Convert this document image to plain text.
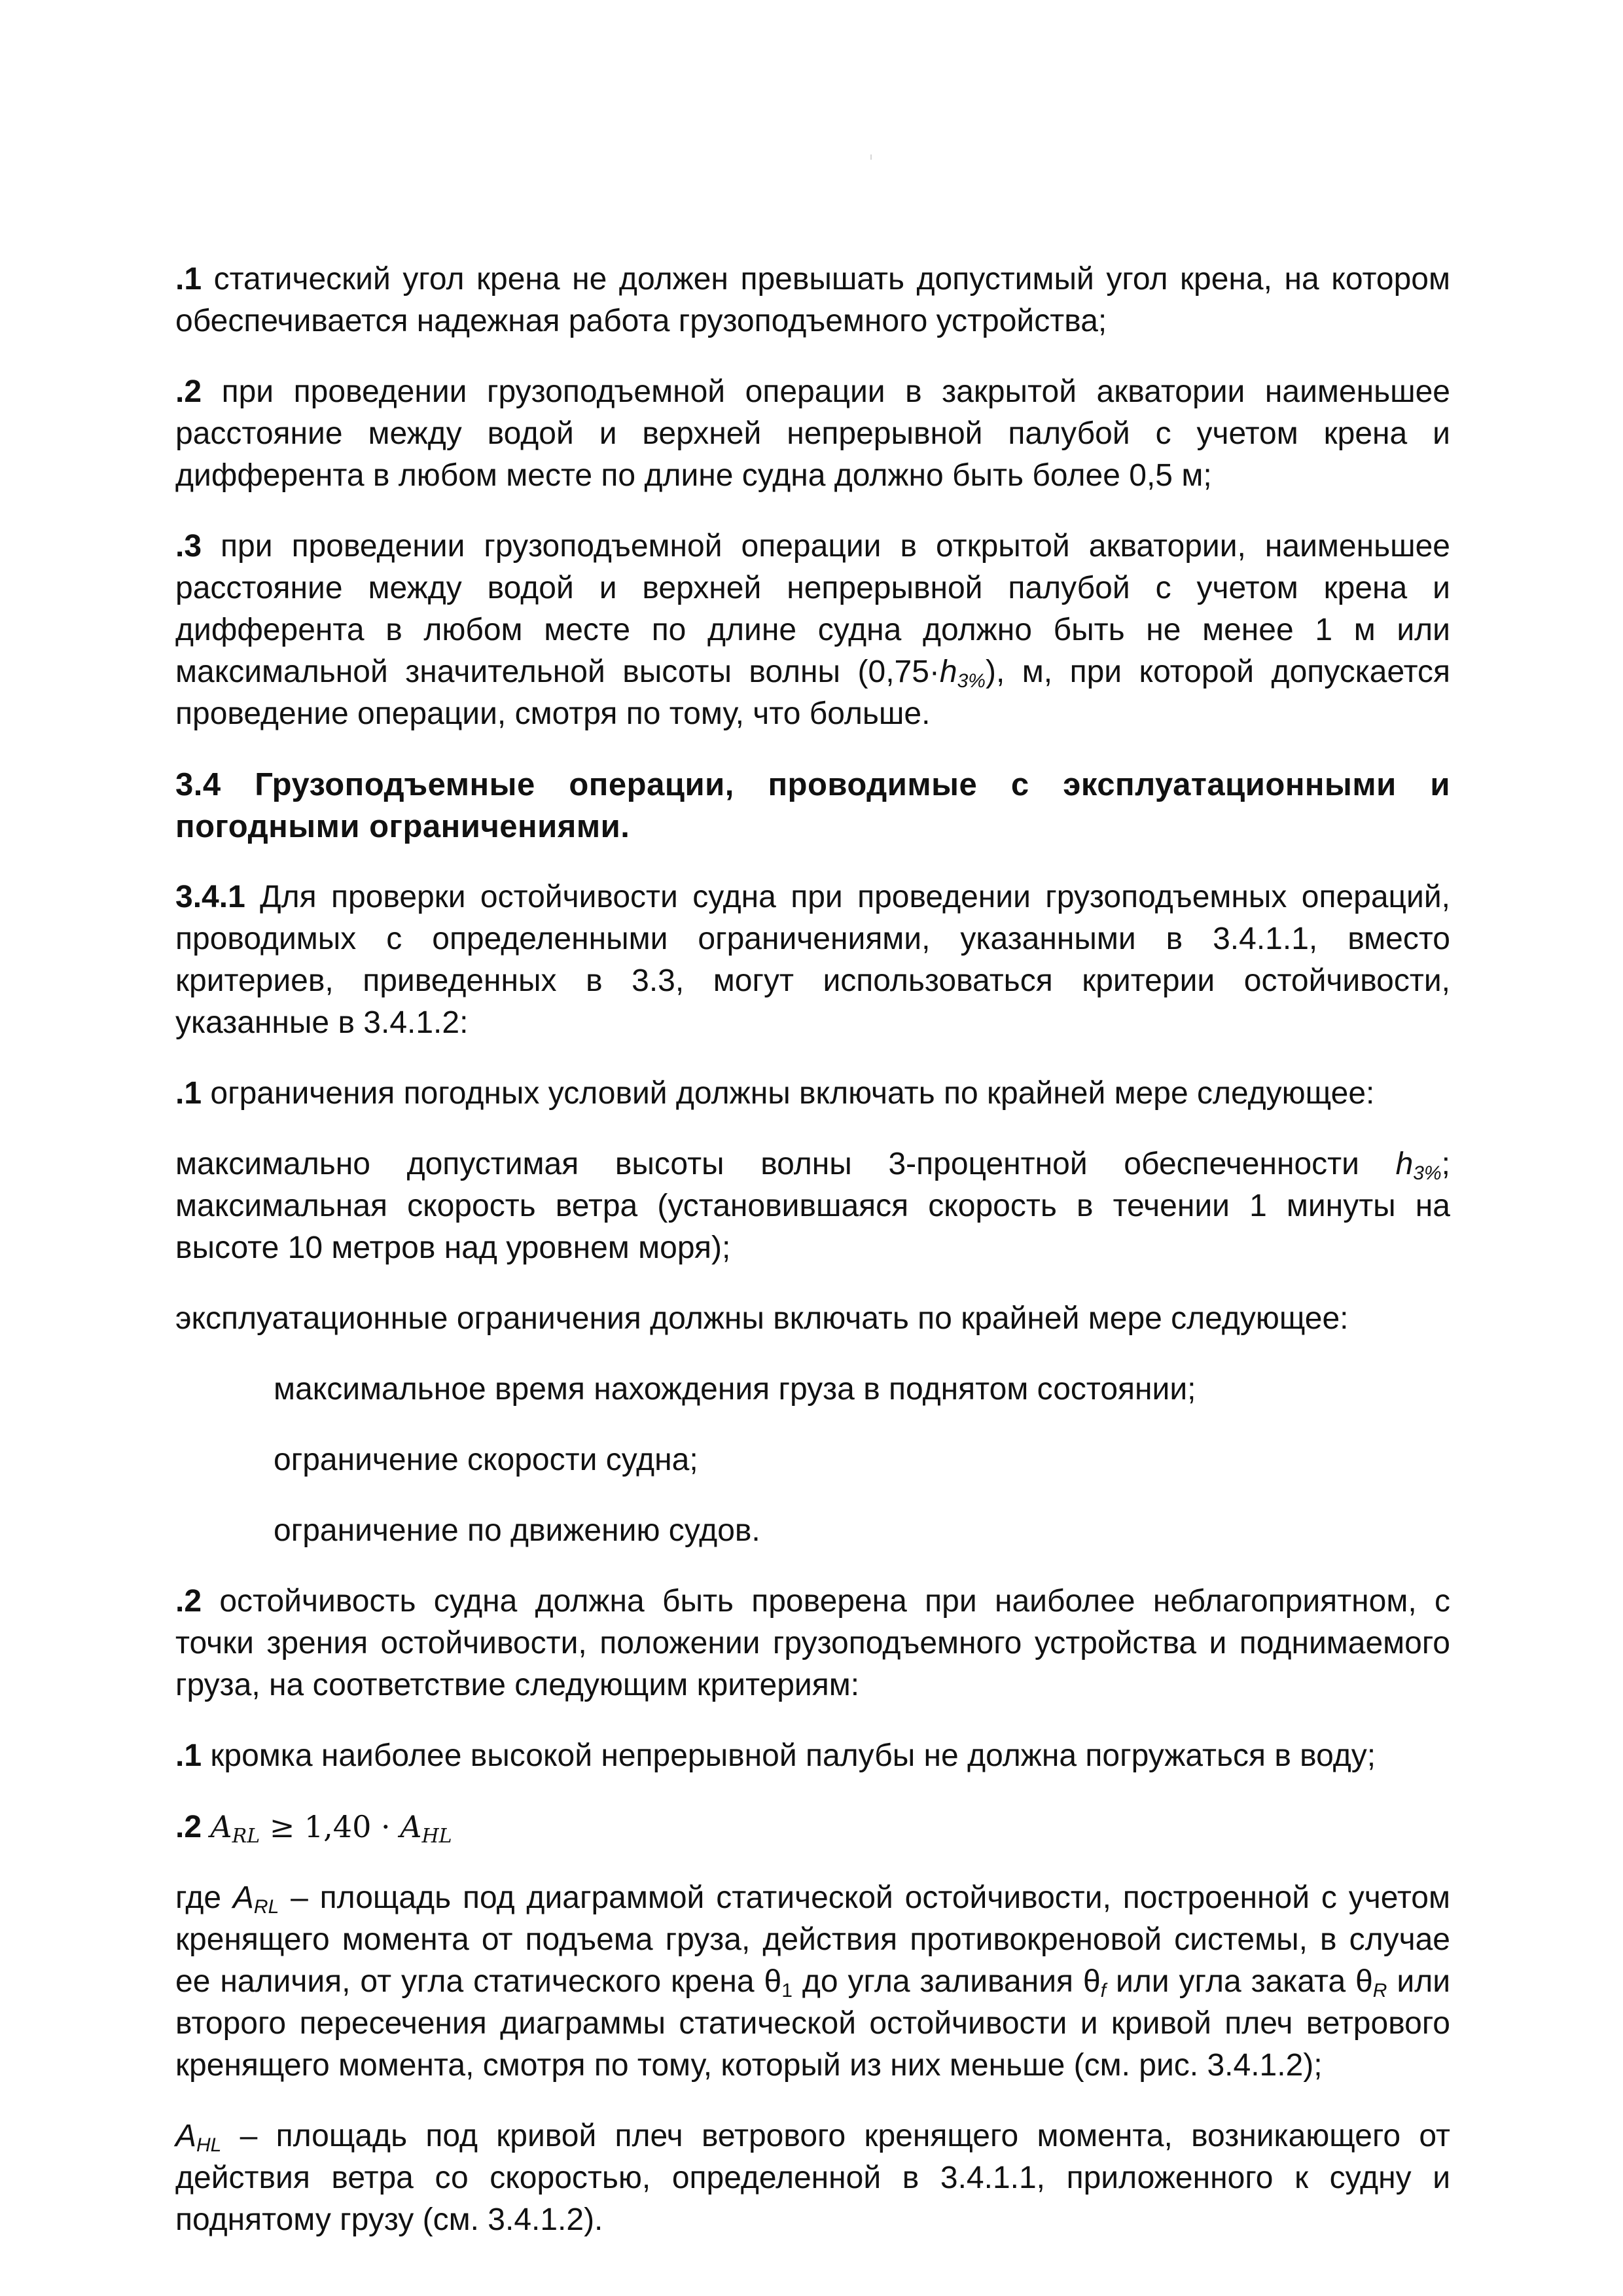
.1 статический угол крена не должен превышать допустимый угол крена, на котором обеспечивается надежная работа грузоподъемного устройства;

.2 при проведении грузоподъемной операции в закрытой акватории наименьшее расстояние между водой и верхней непрерывной палубой с учетом крена и дифферента в любом месте по длине судна должно быть более 0,5 м;

.3 при проведении грузоподъемной операции в открытой акватории, наименьшее расстояние между водой и верхней непрерывной палубой с учетом крена и дифферента в любом месте по длине судна должно быть не менее 1 м или максимальной значительной высоты волны $(0,75\cdot h_{3\%})$, м, при которой допускается проведение операции, смотря по тому, что больше.

3.4 Грузоподъемные операции, проводимые с эксплуатационными и погодными ограничениями.

3.4.1 Для проверки остойчивости судна при проведении грузоподъемных операций, проводимых с определенными ограничениями, указанными в 3.4.1.1, вместо критериев, приведенных в 3.3, могут использоваться критерии остойчивости, указанные в 3.4.1.2:

.1 ограничения погодных условий должны включать по крайней мере следующее:

максимально допустимая высоты волны 3-процентной обеспеченности $h_{3\%}$; максимальная скорость ветра (установившаяся скорость в течении 1 минуты на высоте 10 метров над уровнем моря);

эксплуатационные ограничения должны включать по крайней мере следующее:

максимальное время нахождения груза в поднятом состоянии;

ограничение скорости судна;

ограничение по движению судов.

.2 остойчивость судна должна быть проверена при наиболее неблагоприятном, с точки зрения остойчивости, положении грузоподъемного устройства и поднимаемого груза, на соответствие следующим критериям:

.1 кромка наиболее высокой непрерывной палубы не должна погружаться в воду;

.2 $A_{RL} \ge 1,40 \cdot A_{HL}$

где $A_{RL}$ – площадь под диаграммой статической остойчивости, построенной с учетом кренящего момента от подъема груза, действия противокреновой системы, в случае ее наличия, от угла статического крена $\theta_1$ до угла заливания $\theta_f$ или угла заката $\theta_R$ или второго пересечения диаграммы статической остойчивости и кривой плеч ветрового кренящего момента, смотря по тому, который из них меньше (см. рис. 3.4.1.2);

$A_{HL}$ – площадь под кривой плеч ветрового кренящего момента, возникающего от действия ветра со скоростью, определенной в 3.4.1.1, приложенного к судну и поднятому грузу (см. 3.4.1.2).
